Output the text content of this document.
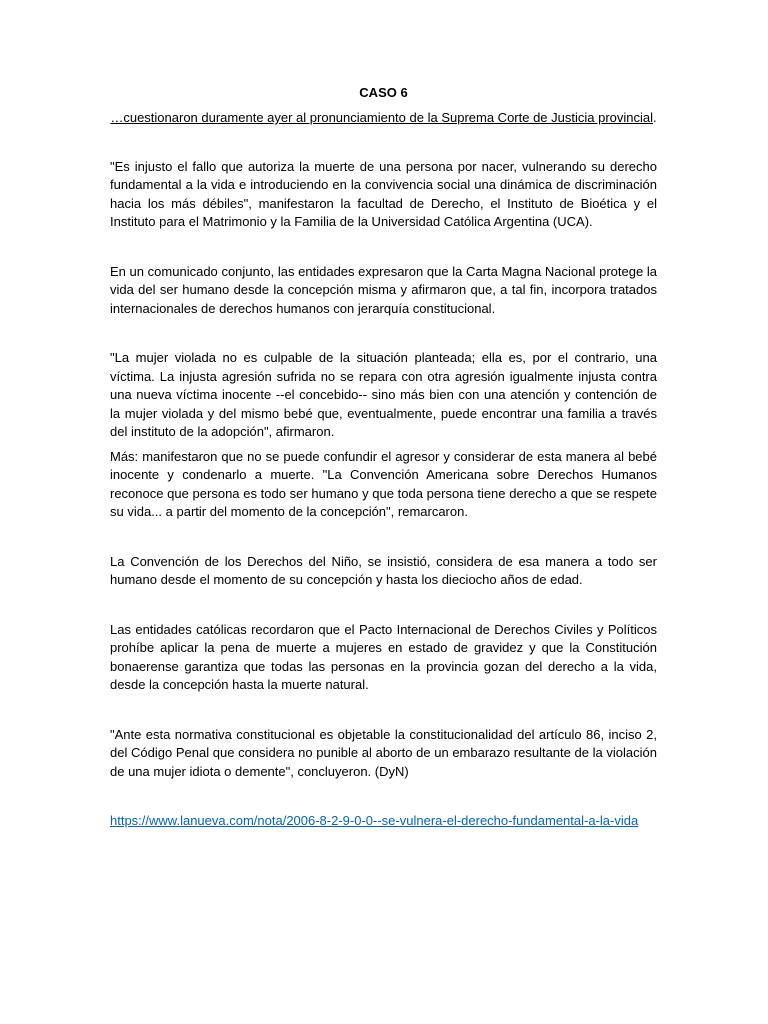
CASO 6

…cuestionaron duramente ayer al pronunciamiento de la Suprema Corte de Justicia provincial.

"Es injusto el fallo que autoriza la muerte de una persona por nacer, vulnerando su derecho fundamental a la vida e introduciendo en la convivencia social una dinámica de discriminación hacia los más débiles", manifestaron la facultad de Derecho, el Instituto de Bioética y el Instituto para el Matrimonio y la Familia de la Universidad Católica Argentina (UCA).

En un comunicado conjunto, las entidades expresaron que la Carta Magna Nacional protege la vida del ser humano desde la concepción misma y afirmaron que, a tal fin, incorpora tratados internacionales de derechos humanos con jerarquía constitucional.

"La mujer violada no es culpable de la situación planteada; ella es, por el contrario, una víctima. La injusta agresión sufrida no se repara con otra agresión igualmente injusta contra una nueva víctima inocente --el concebido-- sino más bien con una atención y contención de la mujer violada y del mismo bebé que, eventualmente, puede encontrar una familia a través del instituto de la adopción", afirmaron.

Más: manifestaron que no se puede confundir el agresor y considerar de esta manera al bebé inocente y condenarlo a muerte. "La Convención Americana sobre Derechos Humanos reconoce que persona es todo ser humano y que toda persona tiene derecho a que se respete su vida... a partir del momento de la concepción", remarcaron.

La Convención de los Derechos del Niño, se insistió, considera de esa manera a todo ser humano desde el momento de su concepción y hasta los dieciocho años de edad.

Las entidades católicas recordaron que el Pacto Internacional de Derechos Civiles y Políticos prohíbe aplicar la pena de muerte a mujeres en estado de gravidez y que la Constitución bonaerense garantiza que todas las personas en la provincia gozan del derecho a la vida, desde la concepción hasta la muerte natural.

"Ante esta normativa constitucional es objetable la constitucionalidad del artículo 86, inciso 2, del Código Penal que considera no punible al aborto de un embarazo resultante de la violación de una mujer idiota o demente", concluyeron. (DyN)

https://www.lanueva.com/nota/2006-8-2-9-0-0--se-vulnera-el-derecho-fundamental-a-la-vida
